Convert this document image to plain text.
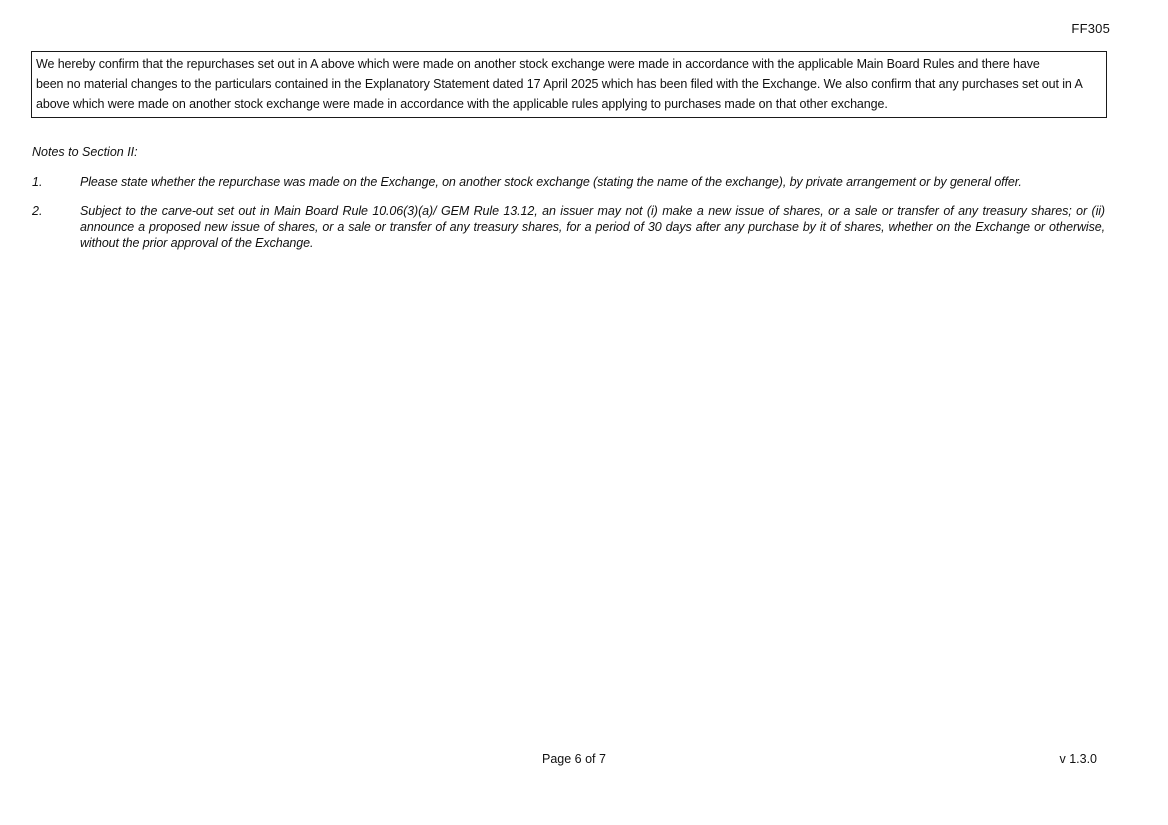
FF305
We hereby confirm that the repurchases set out in A above which were made on another stock exchange were made in accordance with the applicable Main Board Rules and there have
been no material changes to the particulars contained in the Explanatory Statement dated 17 April 2025 which has been filed with the Exchange. We also confirm that any purchases set out in A
above which were made on another stock exchange were made in accordance with the applicable rules applying to purchases made on that other exchange.
Notes to Section II:
1.	Please state whether the repurchase was made on the Exchange, on another stock exchange (stating the name of the exchange), by private arrangement or by general offer.
2.	Subject to the carve-out set out in Main Board Rule 10.06(3)(a)/ GEM Rule 13.12, an issuer may not (i) make a new issue of shares, or a sale or transfer of any treasury shares; or (ii)
announce a proposed new issue of shares, or a sale or transfer of any treasury shares, for a period of 30 days after any purchase by it of shares, whether on the Exchange or otherwise,
without the prior approval of the Exchange.
Page 6 of 7	v 1.3.0
